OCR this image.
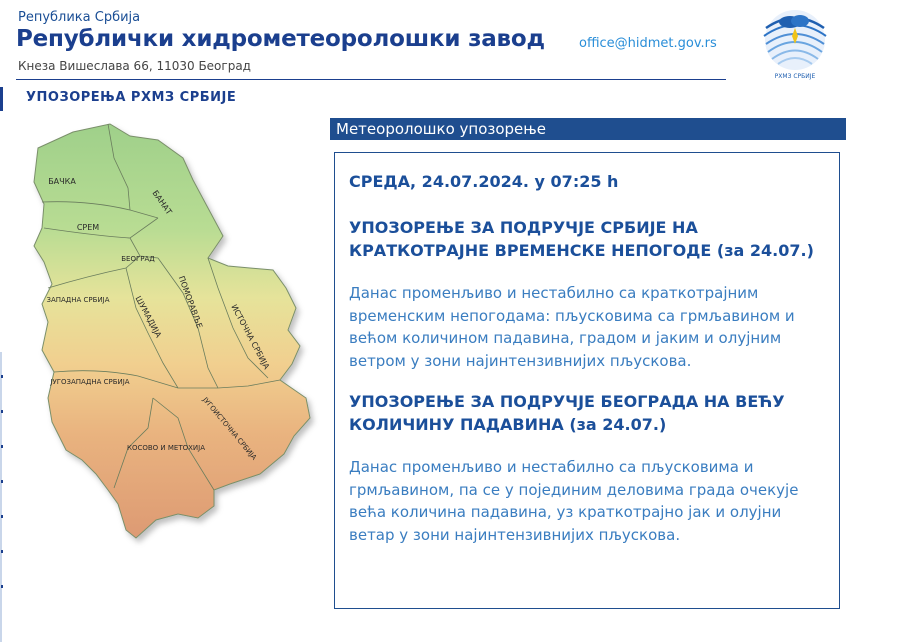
Република Србија
Републички хидрометеоролошки завод
Кнеза Вишеслава 66, 11030 Београд
office@hidmet.gov.rs
РХМЗ СРБИЈЕ
УПОЗОРЕЊА РХМЗ СРБИЈЕ
БАЧКА
БАНАТ
СРЕМ
БЕОГРАД
ЗАПАДНА СРБИЈА	ШУМАДИЈА ПОМОРАВЉЕ
ИСТОЧНА СРБИЈА
ЈУГОЗАПАДНА СРБИЈА
ЈУГОИСТОЧНА СРБИЈА
КОСОВО И МЕТОХИЈА
Метеоролошко упозорење

СРЕДА, 24.07.2024. у 07:25 h

УПОЗОРЕЊЕ ЗА ПОДРУЧЈЕ СРБИЈЕ НА КРАТКОТРАЈНЕ ВРЕМЕНСКЕ НЕПОГОДЕ (за 24.07.)

Данас променљиво и нестабилно са краткотрајним временским непогодама: пљусковима са грмљавином и већом количином падавина, градом и јаким и олујним ветром у зони најинтензивнијих пљускова.

УПОЗОРЕЊЕ ЗА ПОДРУЧЈЕ БЕОГРАДА НА ВЕЋУ КОЛИЧИНУ ПАДАВИНА (за 24.07.)

Данас променљиво и нестабилно са пљусковима и грмљавином, па се у појединим деловима града очекује већа количина падавина, уз краткотрајно јак и олујни ветар у зони најинтензивнијих пљускова.
